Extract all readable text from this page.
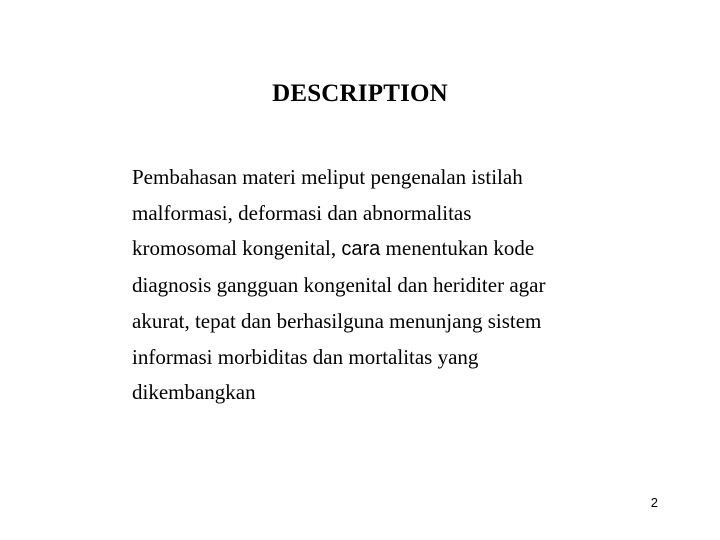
DESCRIPTION
Pembahasan materi meliput pengenalan istilah
malformasi, deformasi dan abnormalitas
kromosomal kongenital, cara menentukan kode
diagnosis gangguan kongenital dan heriditer agar
akurat, tepat dan berhasilguna menunjang sistem
informasi morbiditas dan mortalitas yang
dikembangkan
2
